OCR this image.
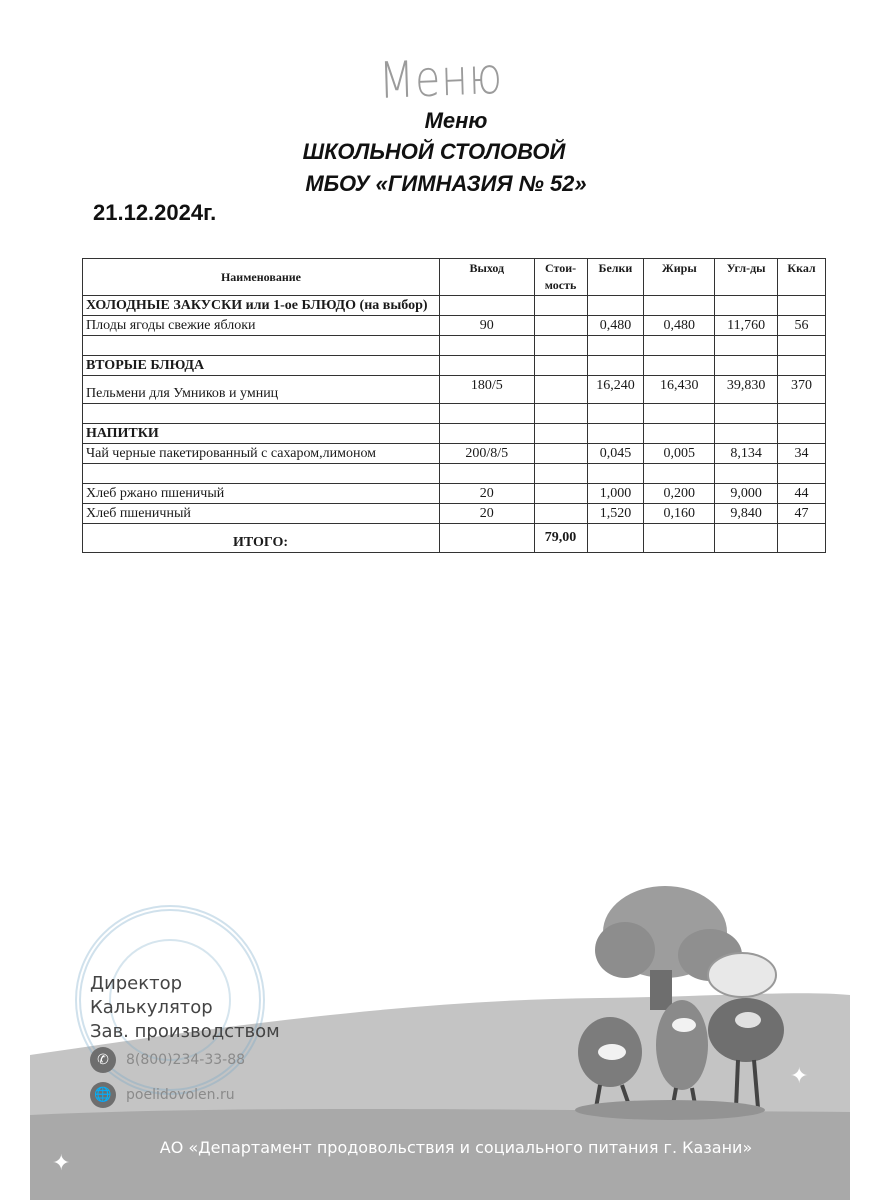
Меню
Меню
ШКОЛЬНОЙ СТОЛОВОЙ
МБОУ «ГИМНАЗИЯ № 52»
21.12.2024г.
Наименование	Выход	Стои-мость	Белки	Жиры	Угл-ды	Ккал
ХОЛОДНЫЕ ЗАКУСКИ или 1-ое БЛЮДО (на выбор)						
Плоды ягоды свежие яблоки	90		0,480	0,480	11,760	56

ВТОРЫЕ БЛЮДА						
Пельмени для Умников и умниц	180/5		16,240	16,430	39,830	370

НАПИТКИ						
Чай черные пакетированный с сахаром,лимоном	200/8/5		0,045	0,005	8,134	34

Хлеб ржано пшеничый	20		1,000	0,200	9,000	44
Хлеб пшеничный	20		1,520	0,160	9,840	47
ИТОГО:		79,00				
Директор
Калькулятор
Зав. производством
✆	8(800)234-33-88
🌐	poelidovolen.ru
АО «Департамент продовольствия и социального питания г. Казани»
✦
✦
